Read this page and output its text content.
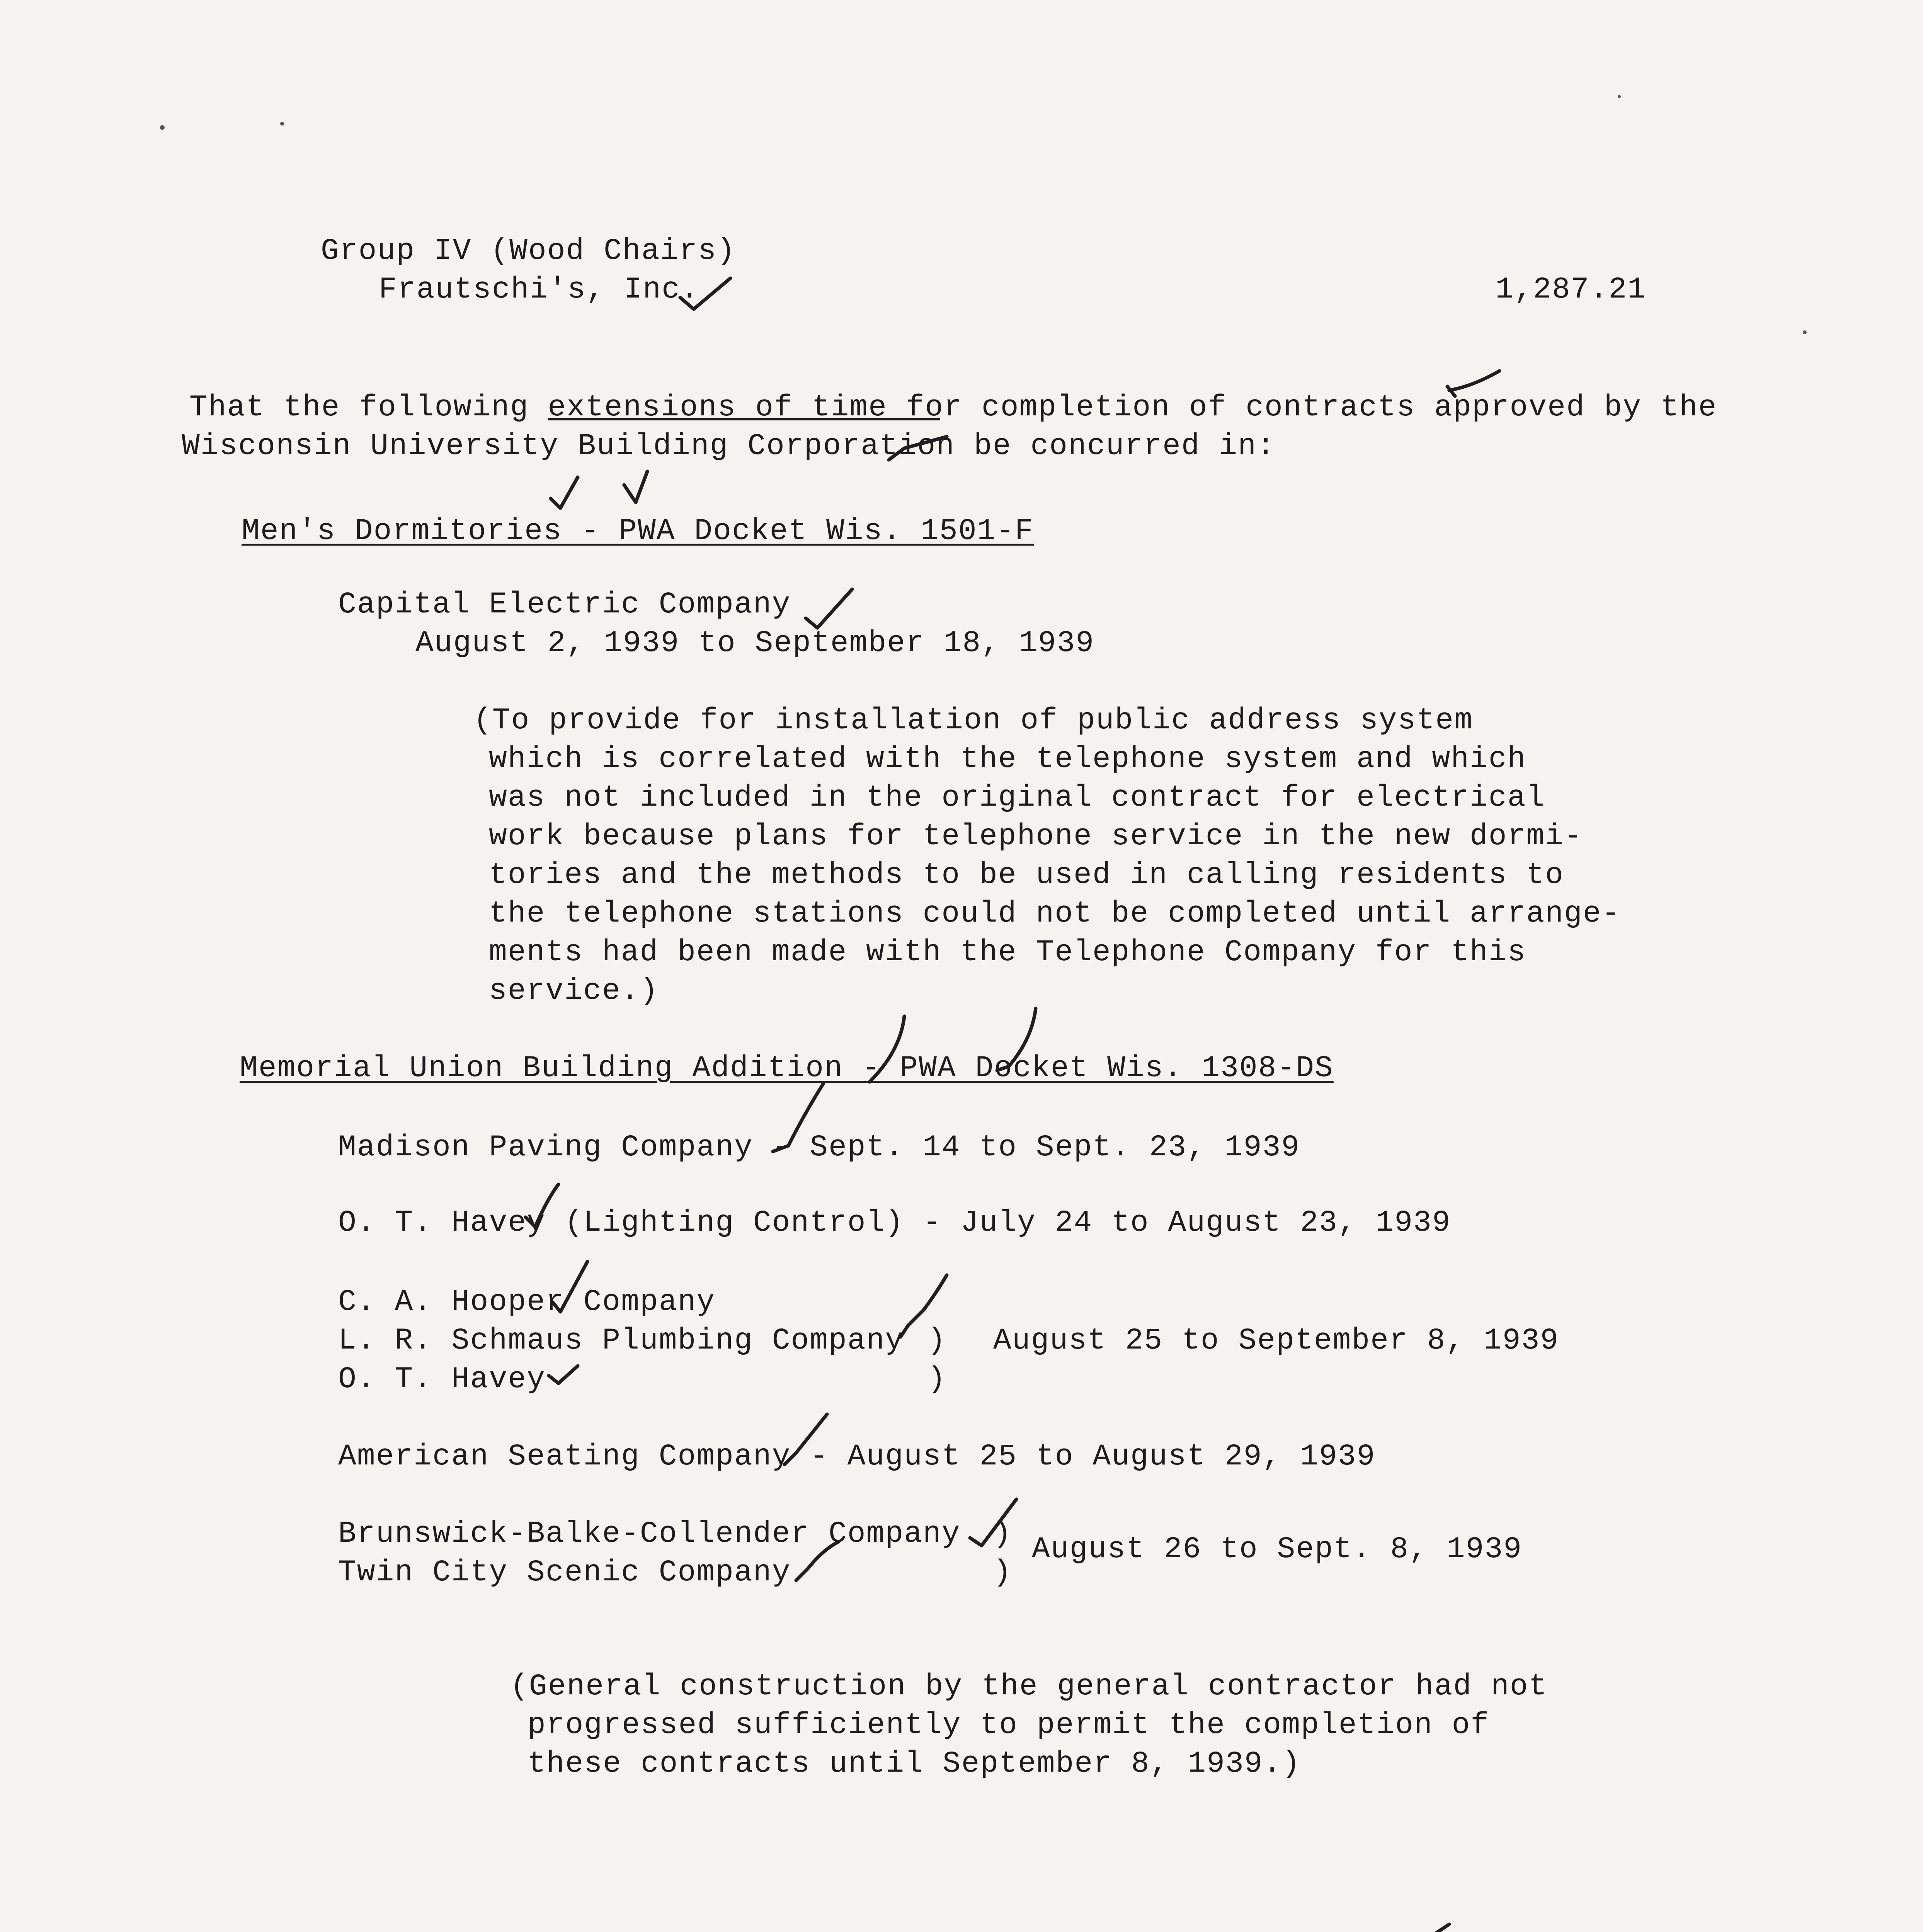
Group IV (Wood Chairs)
Frautschi's, Inc.	1,287.21
That the following extensions of time for completion of contracts approved by the
Wisconsin University Building Corporation be concurred in:
Men's Dormitories - PWA Docket Wis. 1501-F
Capital Electric Company
August 2, 1939 to September 18, 1939
(To provide for installation of public address system
which is correlated with the telephone system and which
was not included in the original contract for electrical
work because plans for telephone service in the new dormi-
tories and the methods to be used in calling residents to
the telephone stations could not be completed until arrange-
ments had been made with the Telephone Company for this
service.)
Memorial Union Building Addition - PWA Docket Wis. 1308-DS
Madison Paving Company - Sept. 14 to Sept. 23, 1939
O. T. Havey (Lighting Control) - July 24 to August 23, 1939
C. A. Hooper Company
L. R. Schmaus Plumbing Company
O. T. Havey
)
)
August 25 to September 8, 1939
American Seating Company - August 25 to August 29, 1939
Brunswick-Balke-Collender Company
Twin City Scenic Company
)
)
August 26 to Sept. 8, 1939
(General construction by the general contractor had not
progressed sufficiently to permit the completion of
these contracts until September 8, 1939.)
